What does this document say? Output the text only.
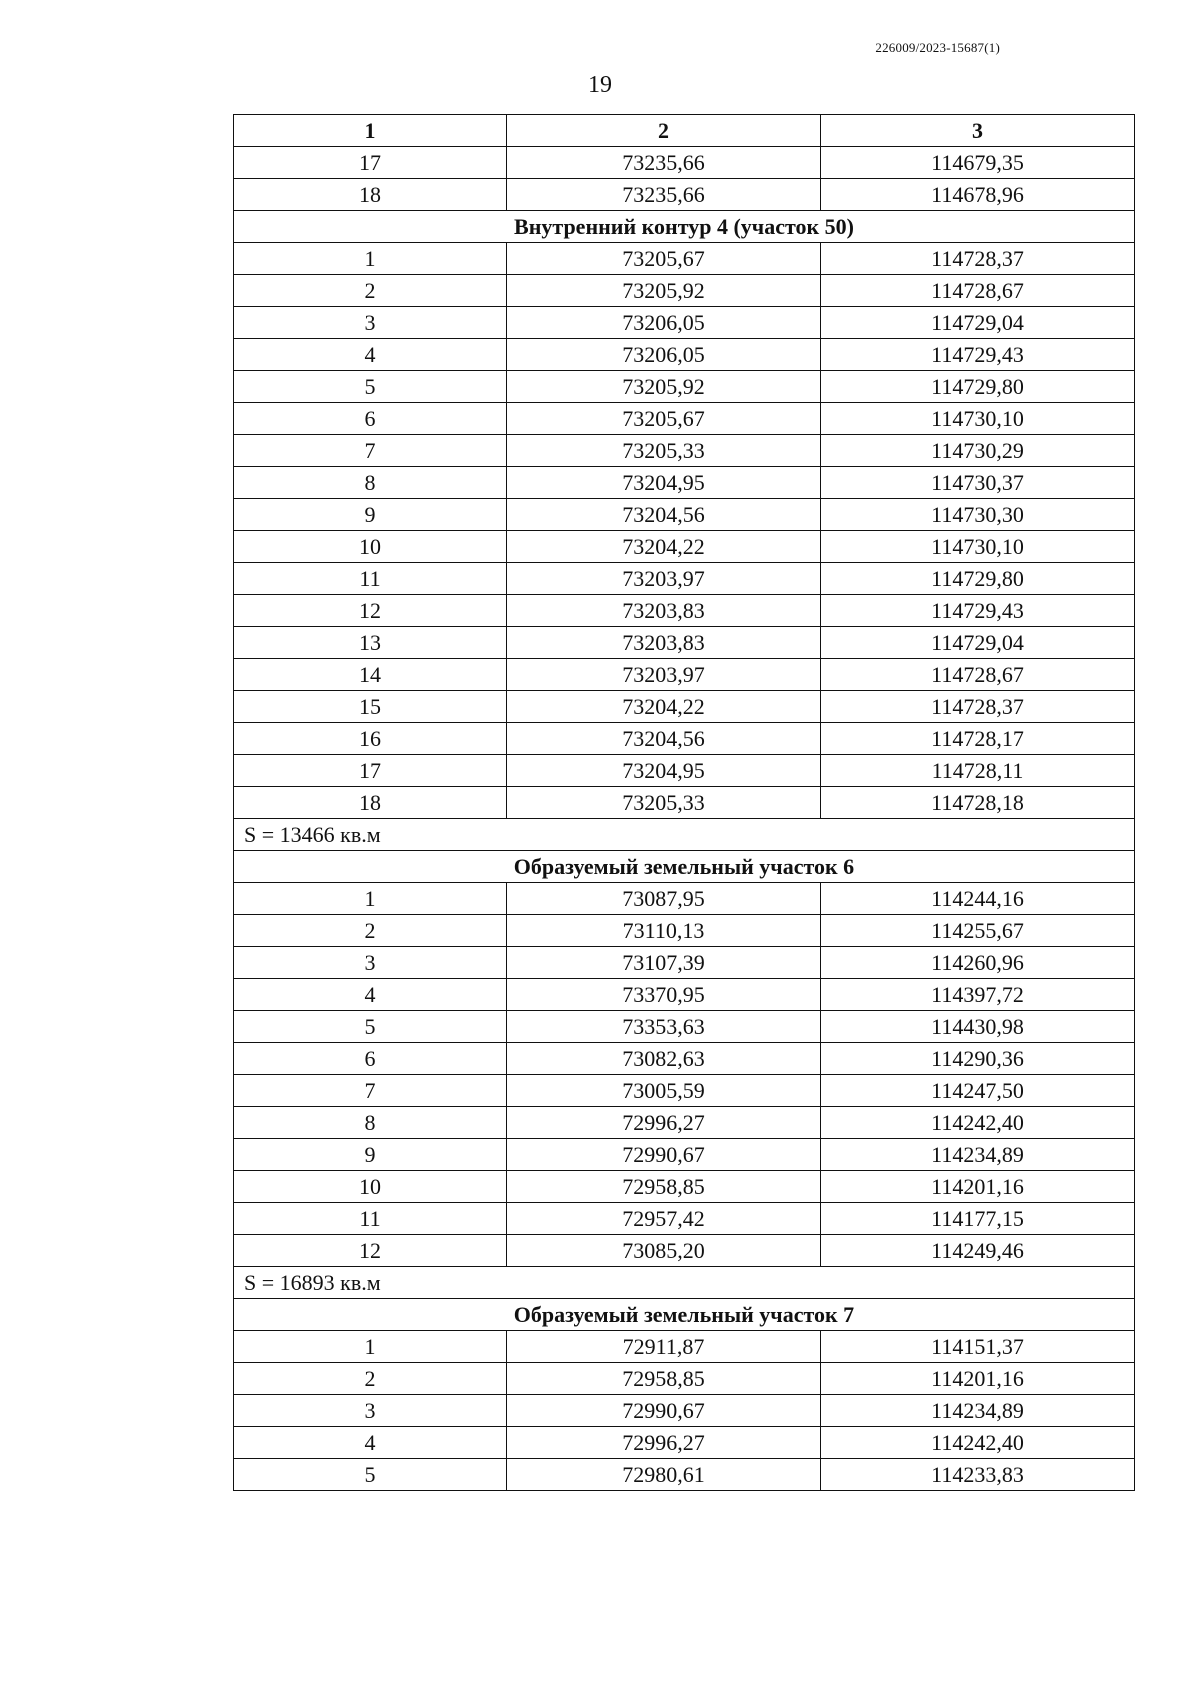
226009/2023-15687(1)
19
1	2	3
17	73235,66	114679,35
18	73235,66	114678,96
Внутренний контур 4 (участок 50)		
1	73205,67	114728,37
2	73205,92	114728,67
3	73206,05	114729,04
4	73206,05	114729,43
5	73205,92	114729,80
6	73205,67	114730,10
7	73205,33	114730,29
8	73204,95	114730,37
9	73204,56	114730,30
10	73204,22	114730,10
11	73203,97	114729,80
12	73203,83	114729,43
13	73203,83	114729,04
14	73203,97	114728,67
15	73204,22	114728,37
16	73204,56	114728,17
17	73204,95	114728,11
18	73205,33	114728,18
S = 13466 кв.м		
Образуемый земельный участок 6		
1	73087,95	114244,16
2	73110,13	114255,67
3	73107,39	114260,96
4	73370,95	114397,72
5	73353,63	114430,98
6	73082,63	114290,36
7	73005,59	114247,50
8	72996,27	114242,40
9	72990,67	114234,89
10	72958,85	114201,16
11	72957,42	114177,15
12	73085,20	114249,46
S = 16893 кв.м		
Образуемый земельный участок 7		
1	72911,87	114151,37
2	72958,85	114201,16
3	72990,67	114234,89
4	72996,27	114242,40
5	72980,61	114233,83
